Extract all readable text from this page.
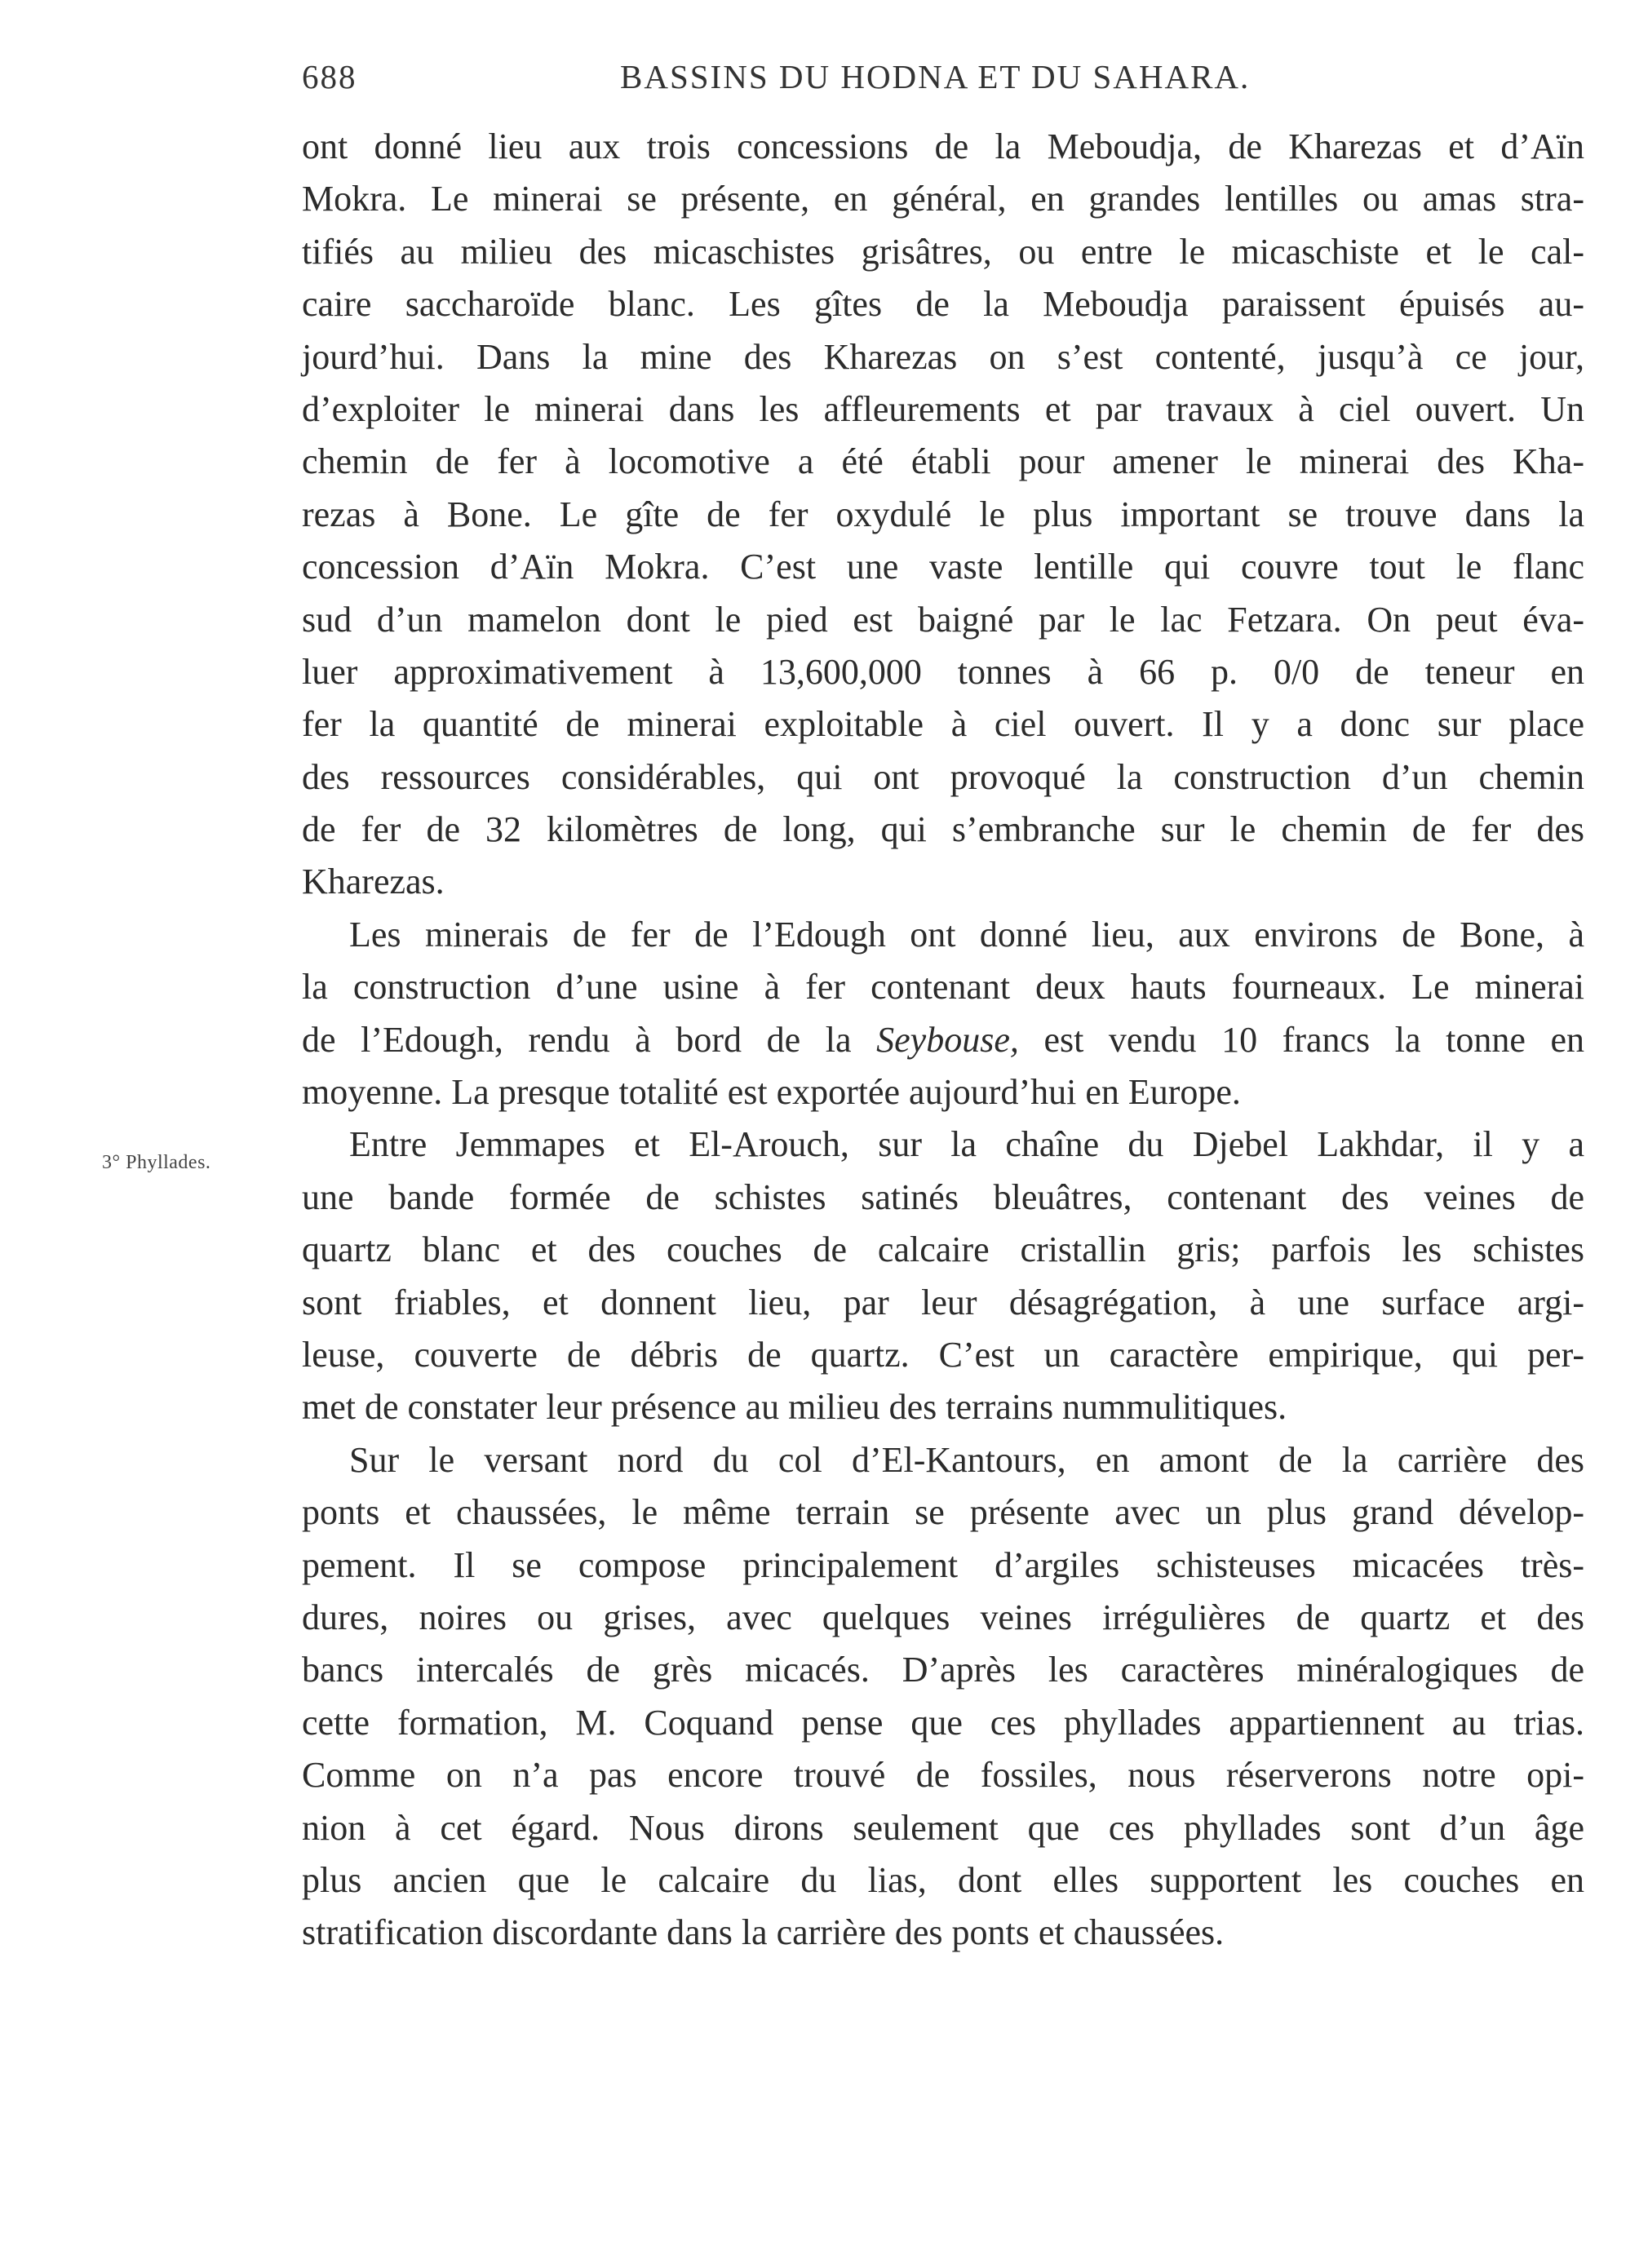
688	BASSINS DU HODNA ET DU SAHARA.
3° Phyllades.
ont donné lieu aux trois concessions de la Meboudja, de Kharezas et d’Aïn
Mokra. Le minerai se présente, en général, en grandes lentilles ou amas stra-
tifiés au milieu des micaschistes grisâtres, ou entre le micaschiste et le cal-
caire saccharoïde blanc. Les gîtes de la Meboudja paraissent épuisés au-
jourd’hui. Dans la mine des Kharezas on s’est contenté, jusqu’à ce jour,
d’exploiter le minerai dans les affleurements et par travaux à ciel ouvert. Un
chemin de fer à locomotive a été établi pour amener le minerai des Kha-
rezas à Bone. Le gîte de fer oxydulé le plus important se trouve dans la
concession d’Aïn Mokra. C’est une vaste lentille qui couvre tout le flanc
sud d’un mamelon dont le pied est baigné par le lac Fetzara. On peut éva-
luer approximativement à 13,600,000 tonnes à 66 p. 0/0 de teneur en
fer la quantité de minerai exploitable à ciel ouvert. Il y a donc sur place
des ressources considérables, qui ont provoqué la construction d’un chemin
de fer de 32 kilomètres de long, qui s’embranche sur le chemin de fer des
Kharezas.
Les minerais de fer de l’Edough ont donné lieu, aux environs de Bone, à
la construction d’une usine à fer contenant deux hauts fourneaux. Le minerai
de l’Edough, rendu à bord de la Seybouse, est vendu 10 francs la tonne en
moyenne. La presque totalité est exportée aujourd’hui en Europe.
Entre Jemmapes et El-Arouch, sur la chaîne du Djebel Lakhdar, il y a
une bande formée de schistes satinés bleuâtres, contenant des veines de
quartz blanc et des couches de calcaire cristallin gris; parfois les schistes
sont friables, et donnent lieu, par leur désagrégation, à une surface argi-
leuse, couverte de débris de quartz. C’est un caractère empirique, qui per-
met de constater leur présence au milieu des terrains nummulitiques.
Sur le versant nord du col d’El-Kantours, en amont de la carrière des
ponts et chaussées, le même terrain se présente avec un plus grand dévelop-
pement. Il se compose principalement d’argiles schisteuses micacées très-
dures, noires ou grises, avec quelques veines irrégulières de quartz et des
bancs intercalés de grès micacés. D’après les caractères minéralogiques de
cette formation, M. Coquand pense que ces phyllades appartiennent au trias.
Comme on n’a pas encore trouvé de fossiles, nous réserverons notre opi-
nion à cet égard. Nous dirons seulement que ces phyllades sont d’un âge
plus ancien que le calcaire du lias, dont elles supportent les couches en
stratification discordante dans la carrière des ponts et chaussées.
